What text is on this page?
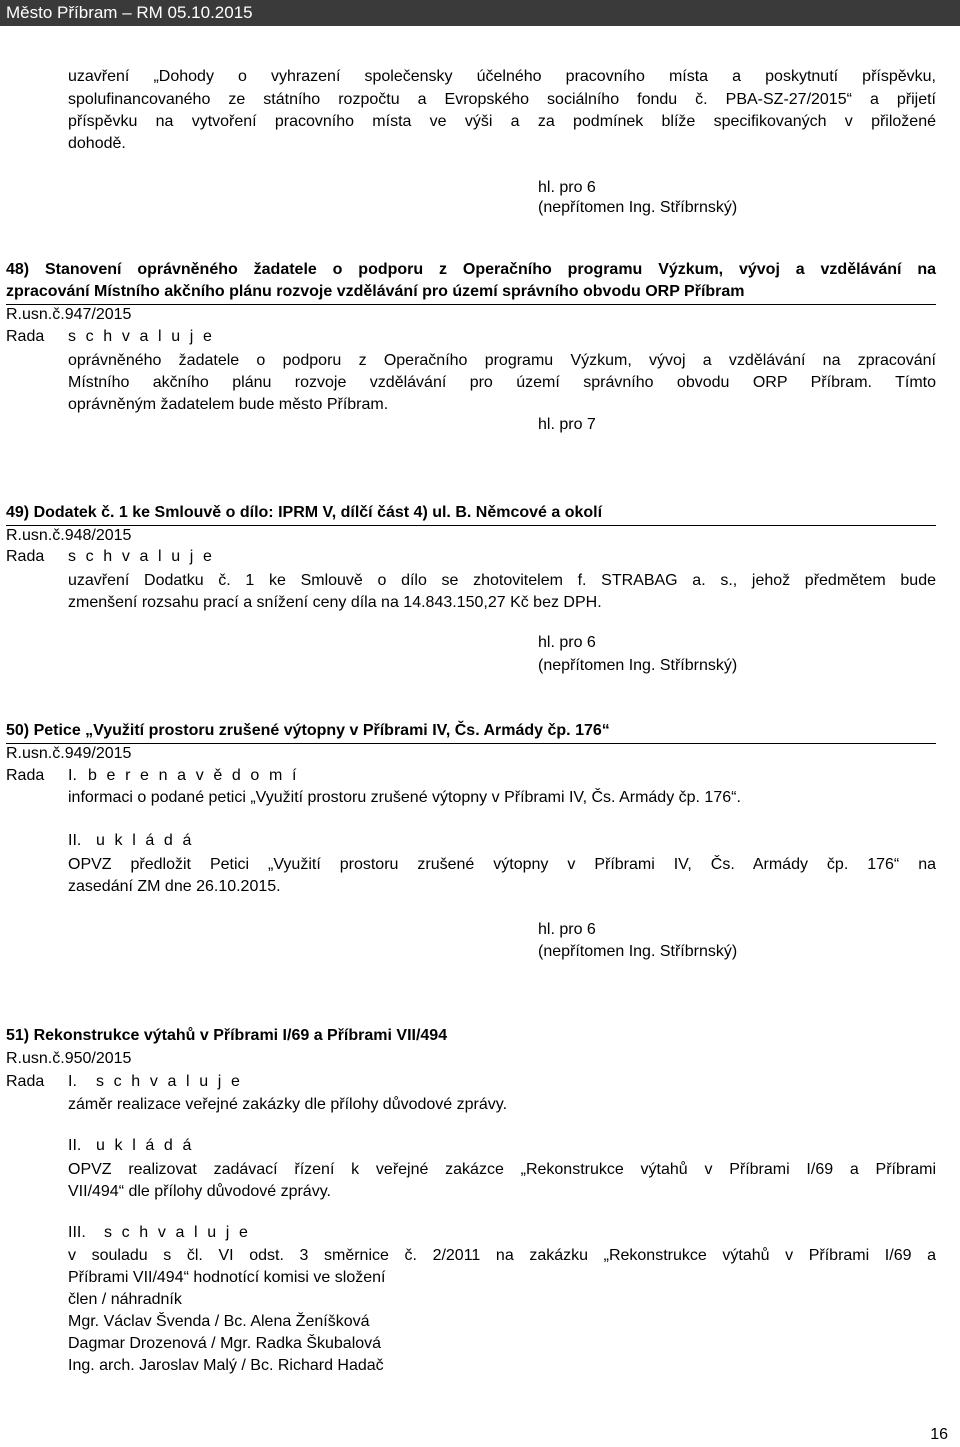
Město Příbram – RM 05.10.2015
uzavření „Dohody o vyhrazení společensky účelného pracovního místa a poskytnutí příspěvku,
spolufinancovaného ze státního rozpočtu a Evropského sociálního fondu č. PBA-SZ-27/2015“ a přijetí
příspěvku na vytvoření pracovního místa ve výši a za podmínek blíže specifikovaných v přiložené
dohodě.
hl. pro 6
(nepřítomen Ing. Stříbrnský)
48) Stanovení oprávněného žadatele o podporu z Operačního programu Výzkum, vývoj a vzdělávání na
zpracování Místního akčního plánu rozvoje vzdělávání pro území správního obvodu ORP Příbram
R.usn.č.947/2015
Rada s c h v a l u j e
oprávněného žadatele o podporu z Operačního programu Výzkum, vývoj a vzdělávání na zpracování
Místního akčního plánu rozvoje vzdělávání pro území správního obvodu ORP Příbram. Tímto
oprávněným žadatelem bude město Příbram.
hl. pro 7
49) Dodatek č. 1 ke Smlouvě o dílo: IPRM V, dílčí část 4) ul. B. Němcové a okolí
R.usn.č.948/2015
Rada s c h v a l u j e
uzavření Dodatku č. 1 ke Smlouvě o dílo se zhotovitelem f. STRABAG a. s., jehož předmětem bude
zmenšení rozsahu prací a snížení ceny díla na 14.843.150,27 Kč bez DPH.
hl. pro 6
(nepřítomen Ing. Stříbrnský)
50) Petice „Využití prostoru zrušené výtopny v Příbrami IV, Čs. Armády čp. 176“
R.usn.č.949/2015
Rada I. b e r e n a v ě d o m í
informaci o podané petici „Využití prostoru zrušené výtopny v Příbrami IV, Čs. Armády čp. 176“.
II. u k l á d á
OPVZ předložit Petici „Využití prostoru zrušené výtopny v Příbrami IV, Čs. Armády čp. 176“ na
zasedání ZM dne 26.10.2015.
hl. pro 6
(nepřítomen Ing. Stříbrnský)
51) Rekonstrukce výtahů v Příbrami I/69 a Příbrami VII/494
R.usn.č.950/2015
Rada I. s c h v a l u j e
záměr realizace veřejné zakázky dle přílohy důvodové zprávy.
II. u k l á d á
OPVZ realizovat zadávací řízení k veřejné zakázce „Rekonstrukce výtahů v Příbrami I/69 a Příbrami
VII/494“ dle přílohy důvodové zprávy.
III. s c h v a l u j e
v souladu s čl. VI odst. 3 směrnice č. 2/2011 na zakázku „Rekonstrukce výtahů v Příbrami I/69 a
Příbrami VII/494“ hodnotící komisi ve složení
člen / náhradník
Mgr. Václav Švenda / Bc. Alena Ženíšková
Dagmar Drozenová / Mgr. Radka Škubalová
Ing. arch. Jaroslav Malý / Bc. Richard Hadač
16
